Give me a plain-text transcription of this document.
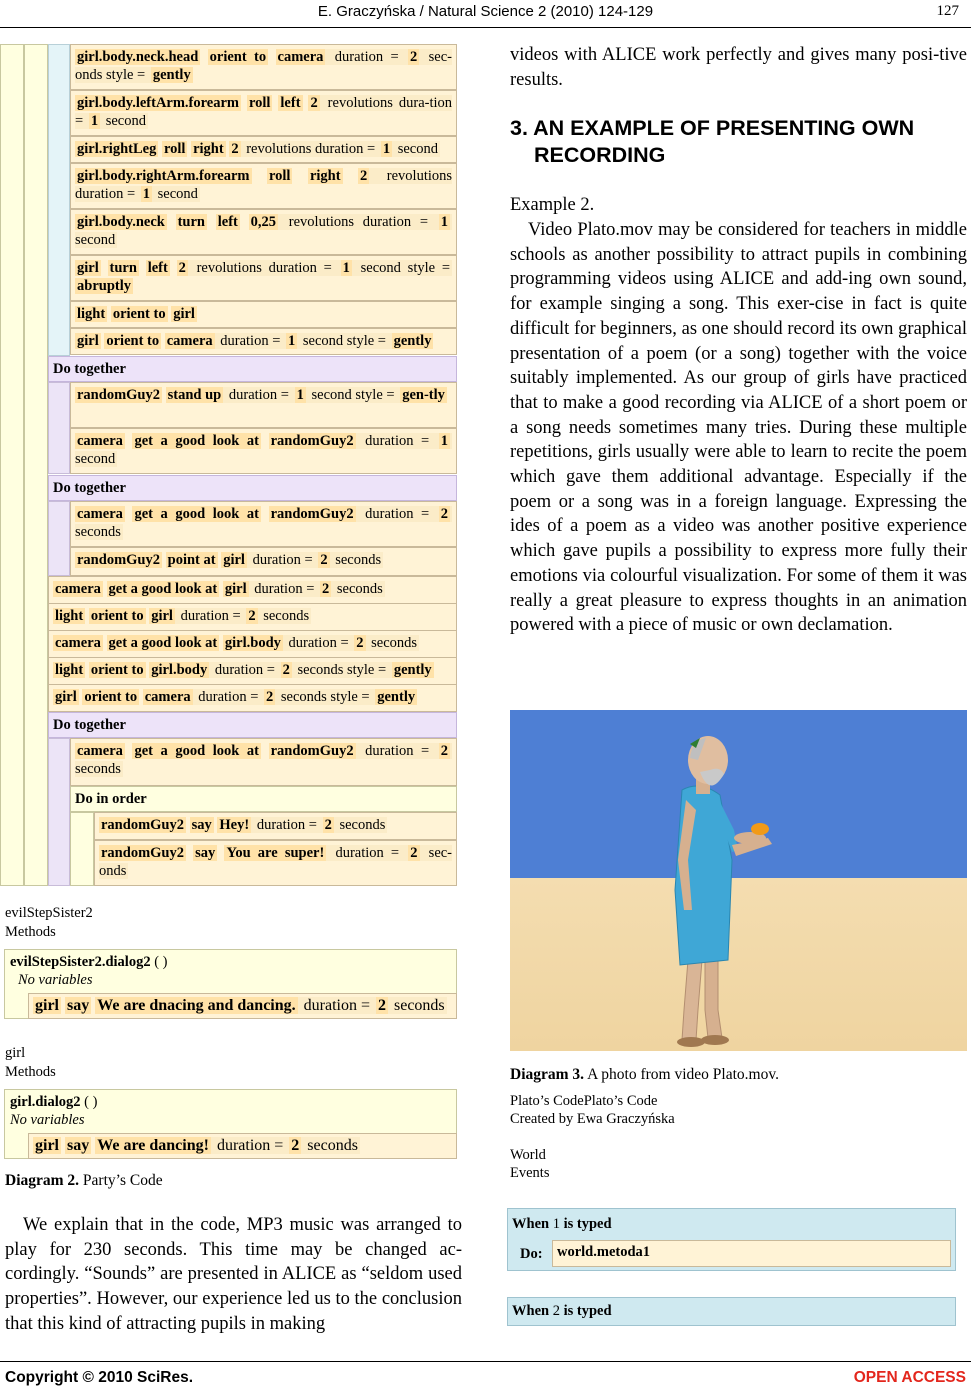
E. Graczyńska / Natural Science 2 (2010) 124-129	127
girl.body.neck.head orient to camera duration = 2 sec-onds style = gently
girl.body.leftArm.forearm roll left 2 revolutions dura-tion = 1 second
girl.rightLeg roll right 2 revolutions duration = 1 second
girl.body.rightArm.forearm roll right 2 revolutions duration = 1 second
girl.body.neck turn left 0,25 revolutions duration = 1 second
girl turn left 2 revolutions duration = 1 second style = abruptly
light orient to girl
girl orient to camera duration = 1 second style = gently
Do together
randomGuy2 stand up duration = 1 second style = gen-tly
camera get a good look at randomGuy2 duration = 1 second
Do together
camera get a good look at randomGuy2 duration = 2 seconds
randomGuy2 point at girl duration = 2 seconds
camera get a good look at girl duration = 2 seconds
light orient to girl duration = 2 seconds
camera get a good look at girl.body duration = 2 seconds
light orient to girl.body duration = 2 seconds style = gently
girl orient to camera duration = 2 seconds style = gently
Do together
camera get a good look at randomGuy2 duration = 2 seconds
Do in order
randomGuy2 say Hey! duration = 2 seconds
randomGuy2 say You are super! duration = 2 sec-onds
evilStepSister2
Methods
evilStepSister2.dialog2 ( )
No variables
girl say We are dnacing and dancing. duration = 2 seconds
girl
Methods
girl.dialog2 ( )
No variables
girl say We are dancing! duration = 2 seconds
Diagram 2. Party’s Code

We explain that in the code, MP3 music was arranged to play for 230 seconds. This time may be changed ac-cordingly. “Sounds” are presented in ALICE as “seldom used properties”. However, our experience led us to the conclusion that this kind of attracting pupils in making

videos with ALICE work perfectly and gives many posi-tive results.
3. AN EXAMPLE OF PRESENTING OWN
RECORDING
Example 2.

Video Plato.mov may be considered for teachers in middle schools as another possibility to attract pupils in combining programming videos using ALICE and add-ing own sound, for example singing a song. This exer-cise in fact is quite difficult for beginners, as one should record its own graphical presentation of a poem (or a song) together with the voice suitably implemented. As our group of girls have practiced that to make a good recording via ALICE of a short poem or a song needs sometimes many tries. During these multiple repetitions, girls usually were able to learn to recite the poem which gave them additional advantage. Especially if the poem or a song was in a foreign language. Expressing the ides of a poem as a video was another positive experience which gave pupils a possibility to express more fully their emotions via colourful visualization. For some of them it was really a great pleasure to express thoughts in an animation powered with a piece of music or own declamation.

Diagram 3. A photo from video Plato.mov.
Plato’s CodePlato’s Code
Created by Ewa Graczyńska
World
Events
When 1 is typed
Do: world.metoda1
When 2 is typed
Copyright © 2010 SciRes.	OPEN ACCESS
